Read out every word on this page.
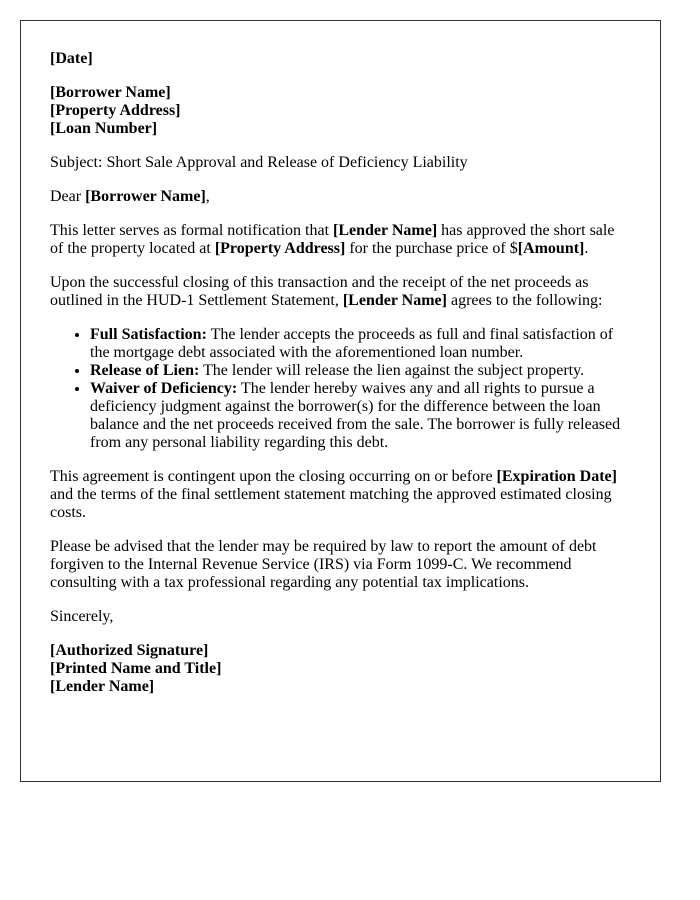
[Date]

[Borrower Name]
[Property Address]
[Loan Number]

Subject: Short Sale Approval and Release of Deficiency Liability

Dear [Borrower Name],

This letter serves as formal notification that [Lender Name] has approved the short sale of the property located at [Property Address] for the purchase price of $[Amount].

Upon the successful closing of this transaction and the receipt of the net proceeds as outlined in the HUD-1 Settlement Statement, [Lender Name] agrees to the following:

• Full Satisfaction: The lender accepts the proceeds as full and final satisfaction of the mortgage debt associated with the aforementioned loan number.
• Release of Lien: The lender will release the lien against the subject property.
• Waiver of Deficiency: The lender hereby waives any and all rights to pursue a deficiency judgment against the borrower(s) for the difference between the loan balance and the net proceeds received from the sale. The borrower is fully released from any personal liability regarding this debt.

This agreement is contingent upon the closing occurring on or before [Expiration Date] and the terms of the final settlement statement matching the approved estimated closing costs.

Please be advised that the lender may be required by law to report the amount of debt forgiven to the Internal Revenue Service (IRS) via Form 1099-C. We recommend consulting with a tax professional regarding any potential tax implications.

Sincerely,

[Authorized Signature]
[Printed Name and Title]
[Lender Name]
